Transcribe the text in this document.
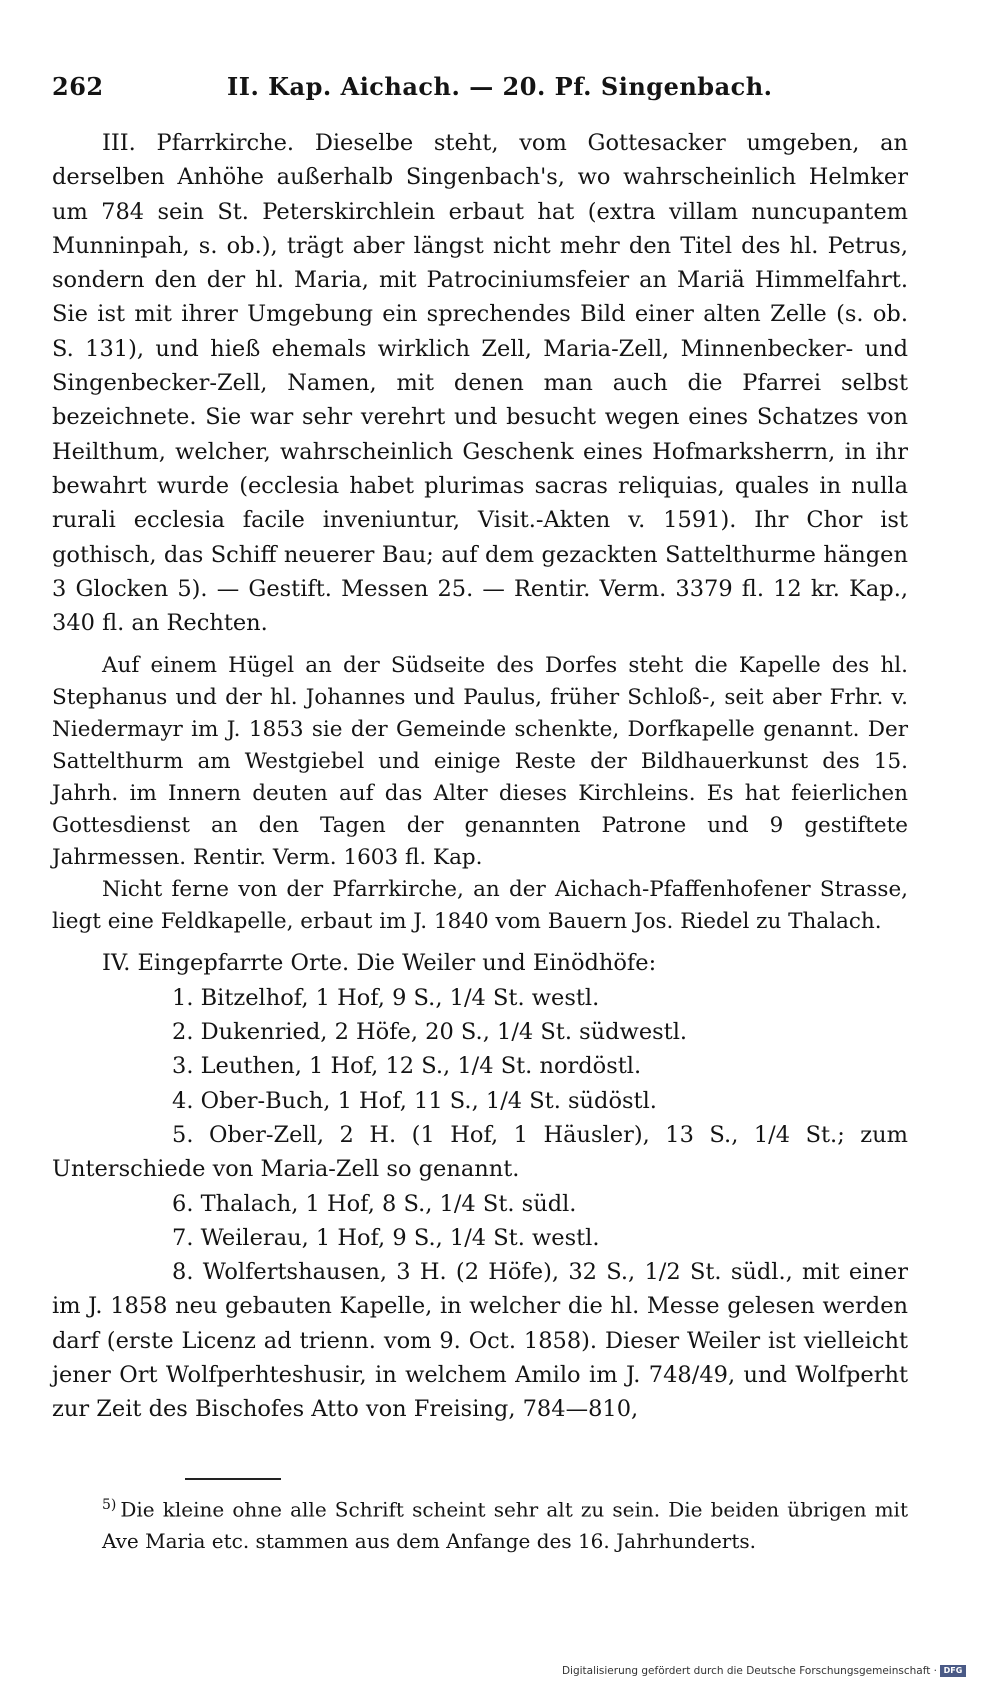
262	II. Kap. Aichach. — 20. Pf. Singenbach.

III. Pfarrkirche. Dieselbe steht, vom Gottesacker umgeben, an derselben Anhöhe außerhalb Singenbach's, wo wahrscheinlich Helmker um 784 sein St. Peterskirchlein erbaut hat (extra villam nuncupantem Munninpah, s. ob.), trägt aber längst nicht mehr den Titel des hl. Petrus, sondern den der hl. Maria, mit Patrociniumsfeier an Mariä Himmelfahrt. Sie ist mit ihrer Umgebung ein sprechendes Bild einer alten Zelle (s. ob. S. 131), und hieß ehemals wirklich Zell, Maria-Zell, Minnenbecker- und Singenbecker-Zell, Namen, mit denen man auch die Pfarrei selbst bezeichnete. Sie war sehr verehrt und besucht wegen eines Schatzes von Heilthum, welcher, wahrscheinlich Geschenk eines Hofmarksherrn, in ihr bewahrt wurde (ecclesia habet plurimas sacras reliquias, quales in nulla rurali ecclesia facile inveniuntur, Visit.-Akten v. 1591). Ihr Chor ist gothisch, das Schiff neuerer Bau; auf dem gezackten Sattelthurme hängen 3 Glocken 5). — Gestift. Messen 25. — Rentir. Verm. 3379 fl. 12 kr. Kap., 340 fl. an Rechten.

Auf einem Hügel an der Südseite des Dorfes steht die Kapelle des hl. Stephanus und der hl. Johannes und Paulus, früher Schloß-, seit aber Frhr. v. Niedermayr im J. 1853 sie der Gemeinde schenkte, Dorfkapelle genannt. Der Sattelthurm am Westgiebel und einige Reste der Bildhauerkunst des 15. Jahrh. im Innern deuten auf das Alter dieses Kirchleins. Es hat feierlichen Gottesdienst an den Tagen der genannten Patrone und 9 gestiftete Jahrmessen. Rentir. Verm. 1603 fl. Kap.

Nicht ferne von der Pfarrkirche, an der Aichach-Pfaffenhofener Strasse, liegt eine Feldkapelle, erbaut im J. 1840 vom Bauern Jos. Riedel zu Thalach.

IV. Eingepfarrte Orte. Die Weiler und Einödhöfe:

1. Bitzelhof, 1 Hof, 9 S., 1/4 St. westl.

2. Dukenried, 2 Höfe, 20 S., 1/4 St. südwestl.

3. Leuthen, 1 Hof, 12 S., 1/4 St. nordöstl.

4. Ober-Buch, 1 Hof, 11 S., 1/4 St. südöstl.

5. Ober-Zell, 2 H. (1 Hof, 1 Häusler), 13 S., 1/4 St.; zum Unterschiede von Maria-Zell so genannt.

6. Thalach, 1 Hof, 8 S., 1/4 St. südl.

7. Weilerau, 1 Hof, 9 S., 1/4 St. westl.

8. Wolfertshausen, 3 H. (2 Höfe), 32 S., 1/2 St. südl., mit einer im J. 1858 neu gebauten Kapelle, in welcher die hl. Messe gelesen werden darf (erste Licenz ad trienn. vom 9. Oct. 1858). Dieser Weiler ist vielleicht jener Ort Wolfperhteshusir, in welchem Amilo im J. 748/49, und Wolfperht zur Zeit des Bischofes Atto von Freising, 784—810,

$^{5)}$ Die kleine ohne alle Schrift scheint sehr alt zu sein. Die beiden übrigen mit Ave Maria etc. stammen aus dem Anfange des 16. Jahrhunderts.
Digitalisierung gefördert durch die Deutsche Forschungsgemeinschaft · DFG
